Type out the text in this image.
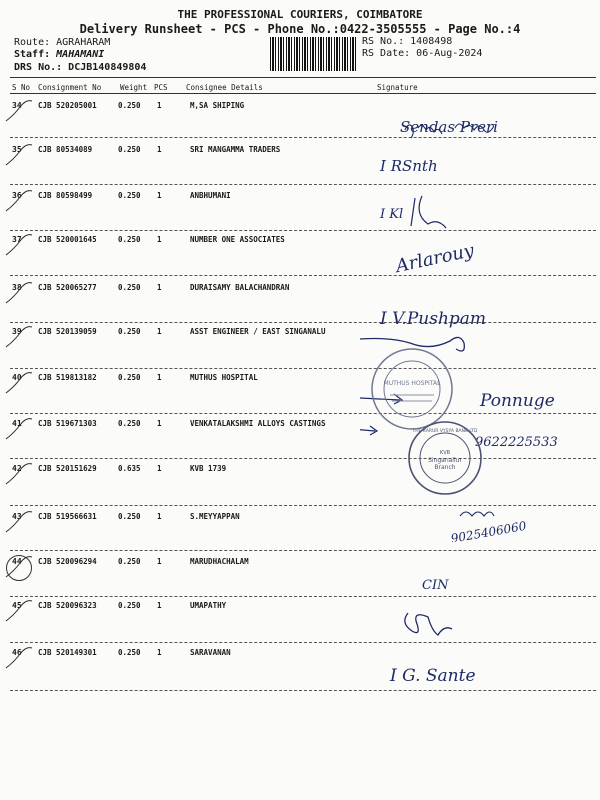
THE PROFESSIONAL COURIERS, COIMBATORE
Delivery Runsheet - PCS - Phone No.:0422-3505555 - Page No.:4
Route: AGRAHARAM
Staff: MAHAMANI
DRS No.: DCJB140849804
RS No.: 1408498
RS Date: 06-Aug-2024
S No Consignment No	Weight PCS Consignee Details	Signature
34 CJB 520205001	0.250 1	M,SA SHIPING
35 CJB 80534089	0.250 1	SRI MANGAMMA TRADERS
36 CJB 80598499	0.250 1	ANBHUMANI
37 CJB 520001645	0.250 1	NUMBER ONE ASSOCIATES
38 CJB 520065277	0.250 1	DURAISAMY BALACHANDRAN
39 CJB 520139059	0.250 1	ASST ENGINEER / EAST SINGANALU
40 CJB 519813182	0.250 1	MUTHUS HOSPITAL
41 CJB 519671303	0.250 1	VENKATALAKSHMI ALLOYS CASTINGS
42 CJB 520151629	0.635 1	KVB 1739
43 CJB 519566631	0.250 1	S.MEYYAPPAN
44 CJB 520096294	0.250 1	MARUDHACHALAM
45 CJB 520096323	0.250 1	UMAPATHY
46 CJB 520149301	0.250 1	SARAVANAN
Sendas Preri
I RSnth
I Kl
Arlarouy
I V.Pushpam
Ponnuge
9622225533
9025406060
CIN
I G. Sante
MUTHUS HOSPITAL
THE KARUR VYSYA BANK LTD
KVB
Singanallur
Branch
